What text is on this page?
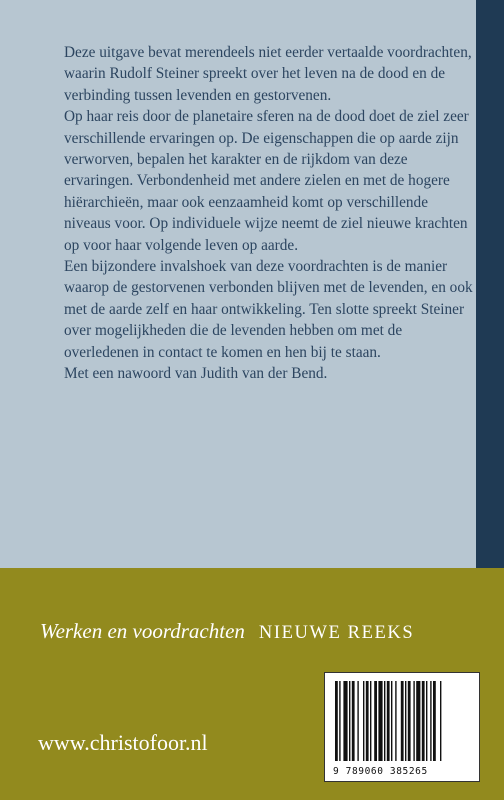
Deze uitgave bevat merendeels niet eerder vertaalde voordrachten, waarin Rudolf Steiner spreekt over het leven na de dood en de verbinding tussen levenden en gestorvenen.

Op haar reis door de planetaire sferen na de dood doet de ziel zeer verschillende ervaringen op. De eigenschappen die op aarde zijn verworven, bepalen het karakter en de rijkdom van deze ervaringen. Verbondenheid met andere zielen en met de hogere hiërarchieën, maar ook eenzaamheid komt op verschillende niveaus voor. Op individuele wijze neemt de ziel nieuwe krachten op voor haar volgende leven op aarde.

Een bijzondere invalshoek van deze voordrachten is de manier waarop de gestorvenen verbonden blijven met de levenden, en ook met de aarde zelf en haar ontwikkeling. Ten slotte spreekt Steiner over mogelijkheden die de levenden hebben om met de overledenen in contact te komen en hen bij te staan.

Met een nawoord van Judith van der Bend.

Werken en voordrachten NIEUWE REEKS
www.christofoor.nl
9 789060 385265
